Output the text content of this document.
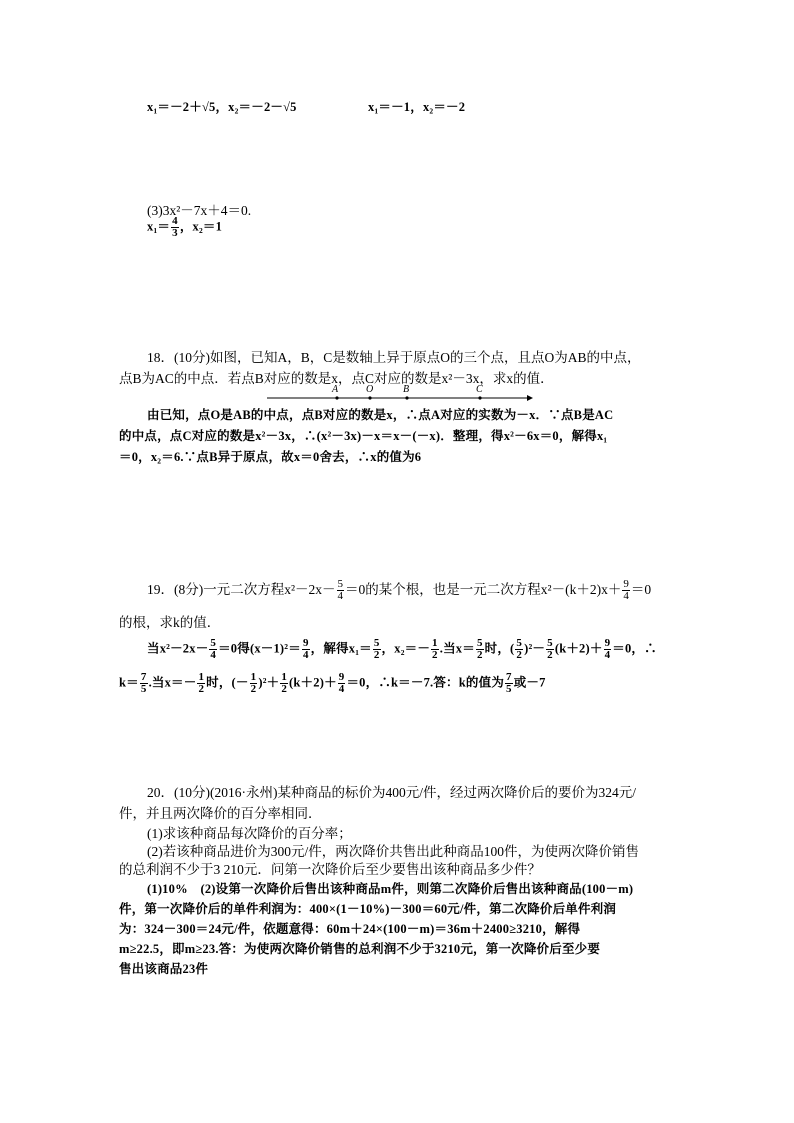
x₁＝－2＋√5，x₂＝－2－√5	x₁＝－1，x₂＝－2
(3)3x²－7x＋4＝0.
$x_1= \frac{4}{3}$ ，x₂＝1
18．(10分)如图，已知A，B，C是数轴上异于原点O的三个点，且点O为AB的中点，
点B为AC的中点．若点B对应的数是x，点C对应的数是x²－3x，求x的值．
A	O	B	C
由已知，点O是AB的中点，点B对应的数是x，∴点A对应的实数为－x．∵点B是AC
的中点，点C对应的数是x²－3x，∴(x²－3x)－x＝x－(－x)．整理，得x²－6x＝0，解得x₁
＝0，x₂＝6.∵点B异于原点，故x＝0舍去，∴x的值为6
19．(8分)一元二次方程$x^2-2x- \frac{5}{4} =0$的某个根，也是一元二次方程$x^2-(k+2)x+ \frac{9}{4} =0$
的根，求k的值．
当$x^2-2x- \frac{5}{4} =0$得$(x-1)^2= \frac{9}{4}$ ，解得$x_1= \frac{5}{2}$ ，$x_2=- \frac{1}{2}$ .当$x= \frac{5}{2}$ 时，( $\frac{5}{2} )^2- \frac{5}{2} (k+2)+ \frac{9}{4} =0$，∴
$k= \frac{7}{5}$ .当$x=- \frac{1}{2}$ 时，(－ $\frac{1}{2} )^2+ \frac{1}{2} (k+2)+ \frac{9}{4} =0$，∴k＝－7.答：k的值为 $\frac{7}{5}$ 或－7
20．(10分)(2016·永州)某种商品的标价为400元/件，经过两次降价后的要价为324元/
件，并且两次降价的百分率相同．
(1)求该种商品每次降价的百分率；
(2)若该种商品进价为300元/件，两次降价共售出此种商品100件，为使两次降价销售
的总利润不少于3 210元．问第一次降价后至少要售出该种商品多少件？
(1)10%　(2)设第一次降价后售出该种商品m件，则第二次降价后售出该种商品(100－m)
件，第一次降价后的单件利润为：400×(1－10%)－300＝60元/件，第二次降价后单件利润
为：324－300＝24元/件，依题意得：60m＋24×(100－m)＝36m＋2400≥3210，解得
m≥22.5，即m≥23.答：为使两次降价销售的总利润不少于3210元，第一次降价后至少要
售出该商品23件
